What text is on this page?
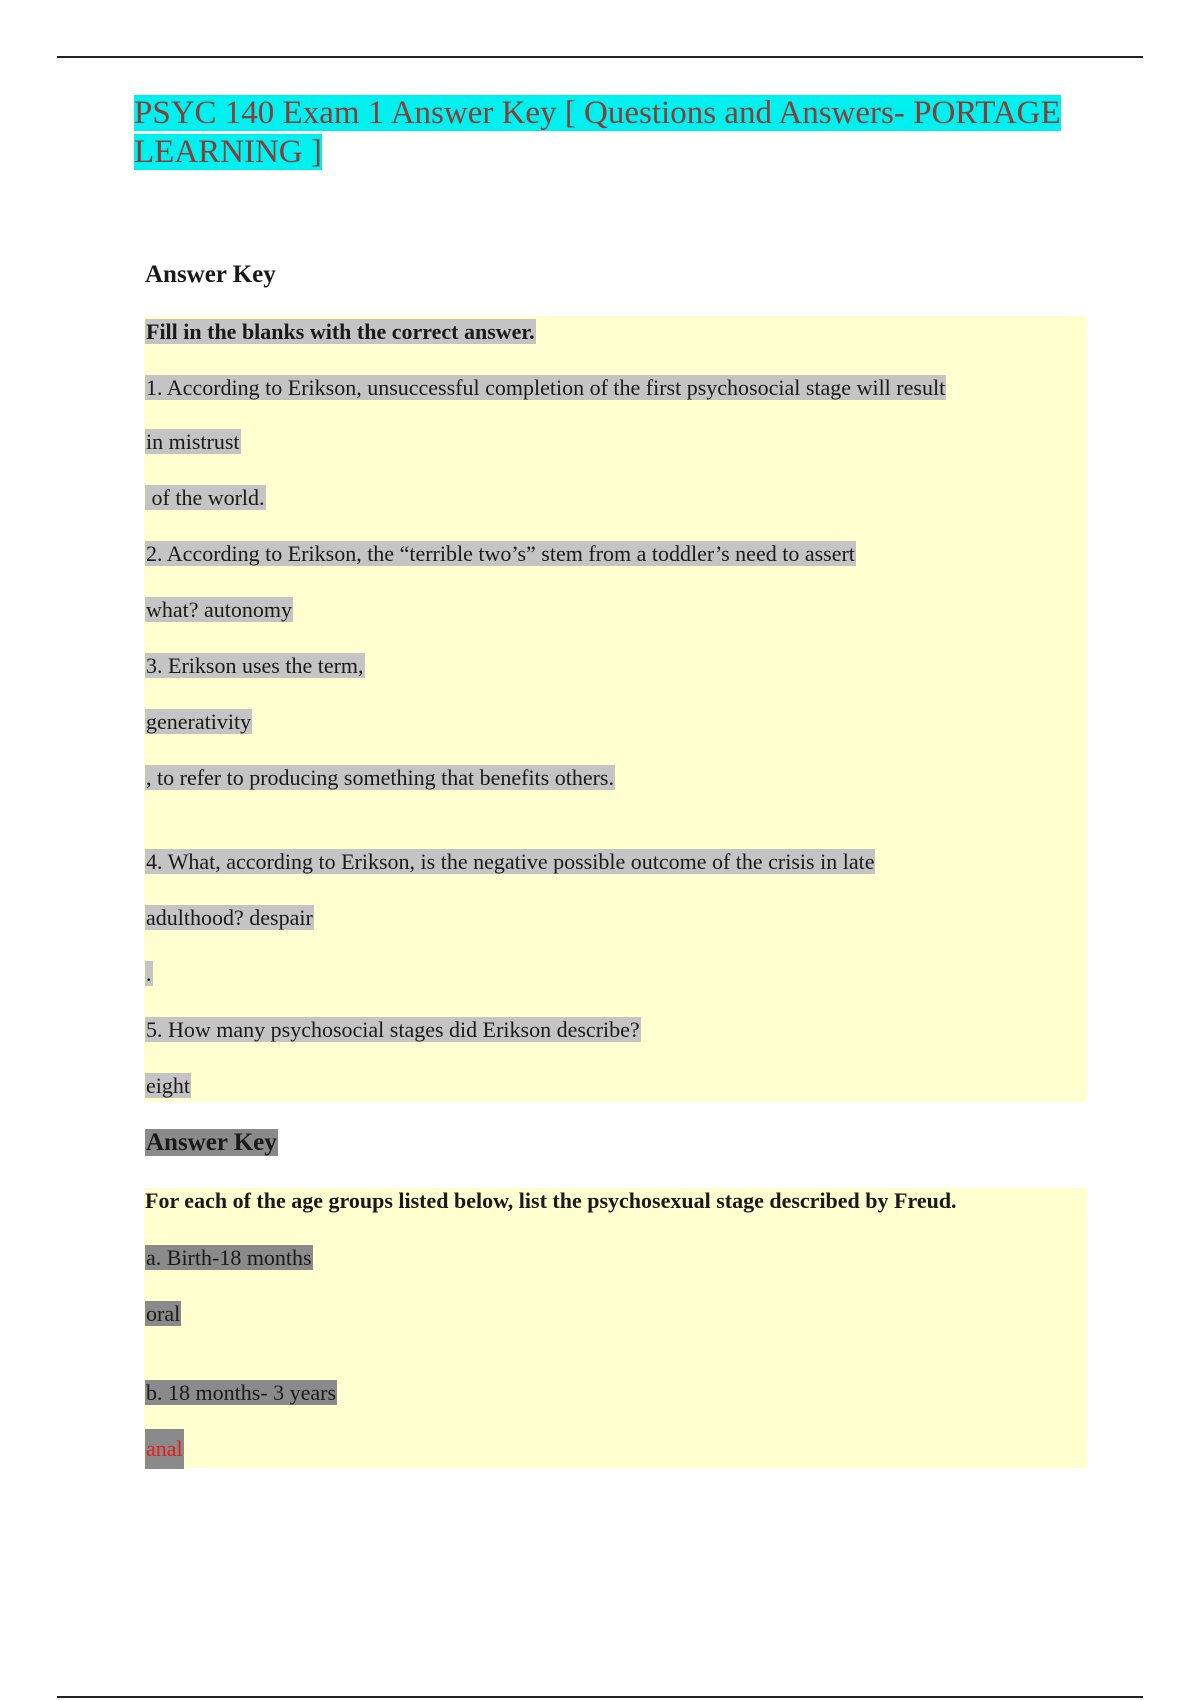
PSYC 140 Exam 1 Answer Key [ Questions and Answers- PORTAGE LEARNING ]
Answer Key
Fill in the blanks with the correct answer.
1. According to Erikson, unsuccessful completion of the first psychosocial stage will result
in mistrust
of the world.
2. According to Erikson, the “terrible two’s” stem from a toddler’s need to assert
what? autonomy
3. Erikson uses the term,
generativity
, to refer to producing something that benefits others.
4. What, according to Erikson, is the negative possible outcome of the crisis in late
adulthood? despair
.
5. How many psychosocial stages did Erikson describe?
eight
Answer Key
For each of the age groups listed below, list the psychosexual stage described by Freud.
a. Birth-18 months
oral
b. 18 months- 3 years
anal
